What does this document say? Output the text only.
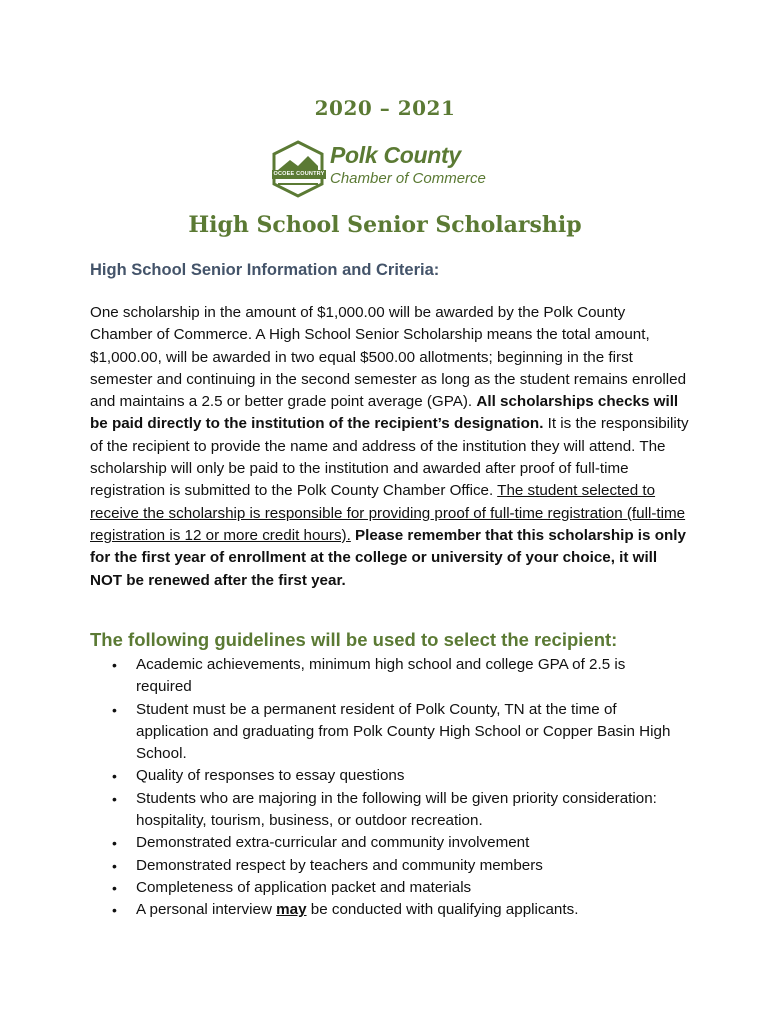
2020 – 2021
OCOEE COUNTRY
Polk County
Chamber of Commerce
High School Senior Scholarship
High School Senior Information and Criteria:
One scholarship in the amount of $1,000.00 will be awarded by the Polk County Chamber of Commerce. A High School Senior Scholarship means the total amount, $1,000.00, will be awarded in two equal $500.00 allotments; beginning in the first semester and continuing in the second semester as long as the student remains enrolled and maintains a 2.5 or better grade point average (GPA). All scholarships checks will be paid directly to the institution of the recipient’s designation. It is the responsibility of the recipient to provide the name and address of the institution they will attend. The scholarship will only be paid to the institution and awarded after proof of full-time registration is submitted to the Polk County Chamber Office. The student selected to receive the scholarship is responsible for providing proof of full-time registration (full-time registration is 12 or more credit hours). Please remember that this scholarship is only for the first year of enrollment at the college or university of your choice, it will NOT be renewed after the first year.
The following guidelines will be used to select the recipient:
• Academic achievements, minimum high school and college GPA of 2.5 is required
• Student must be a permanent resident of Polk County, TN at the time of application and graduating from Polk County High School or Copper Basin High School.
• Quality of responses to essay questions
• Students who are majoring in the following will be given priority consideration: hospitality, tourism, business, or outdoor recreation.
• Demonstrated extra-curricular and community involvement
• Demonstrated respect by teachers and community members
• Completeness of application packet and materials
• A personal interview may be conducted with qualifying applicants.
